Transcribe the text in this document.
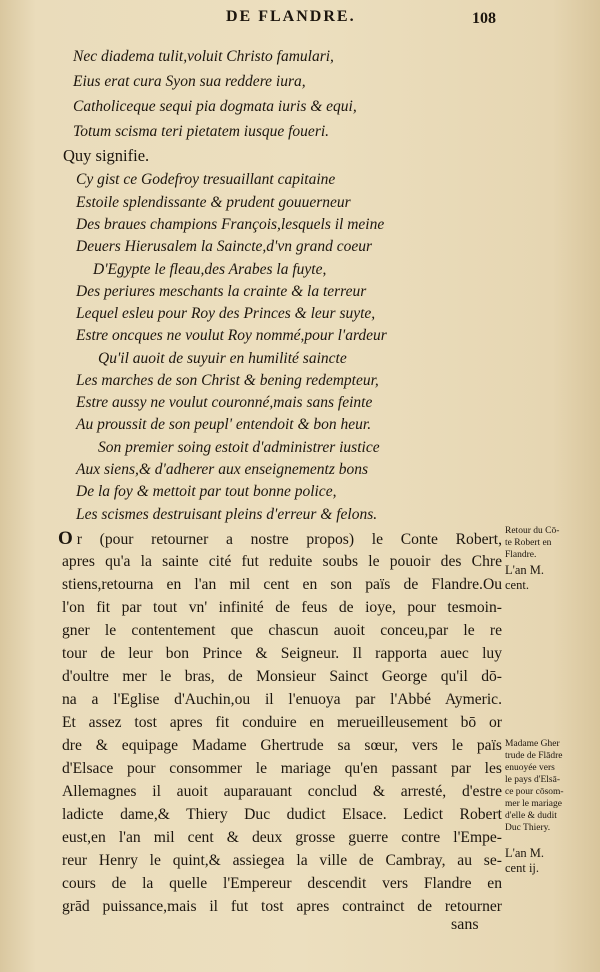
DE FLANDRE.	108
Nec diadema tulit,voluit Christo famulari,
Eius erat cura Syon sua reddere iura,
Catholiceque sequi pia dogmata iuris & equi,
Totum scisma teri pietatem iusque foueri.
Quy signifie.
Cy gist ce Godefroy tresuaillant capitaine
Estoile splendissante & prudent gouuerneur
Des braues champions François,lesquels il meine
Deuers Hierusalem la Saincte,d'vn grand coeur
D'Egypte le fleau,des Arabes la fuyte,
Des periures meschants la crainte & la terreur
Lequel esleu pour Roy des Princes & leur suyte,
Estre oncques ne voulut Roy nommé,pour l'ardeur
Qu'il auoit de suyuir en humilité saincte
Les marches de son Christ & bening redempteur,
Estre aussy ne voulut couronné,mais sans feinte
Au proussit de son peupl' entendoit & bon heur.
Son premier soing estoit d'administrer iustice
Aux siens,& d'adherer aux enseignementz bons
De la foy & mettoit par tout bonne police,
Les scismes destruisant pleins d'erreur & felons.
O r (pour retourner a nostre propos) le Conte Robert,
apres qu'a la sainte cité fut reduite soubs le pouoir des Chre
stiens,retourna en l'an mil cent en son païs de Flandre.Ou
l'on fit par tout vn' infinité de feus de ioye, pour tesmoin-
gner le contentement que chascun auoit conceu,par le re
tour de leur bon Prince & Seigneur. Il rapporta auec luy
d'oultre mer le bras, de Monsieur Sainct George qu'il dō-
na a l'Eglise d'Auchin,ou il l'enuoya par l'Abbé Aymeric.
Et assez tost apres fit conduire en merueilleusement bō or
dre & equipage Madame Ghertrude sa sœur, vers le païs
d'Elsace pour consommer le mariage qu'en passant par les
Allemagnes il auoit auparauant conclud & arresté, d'estre
ladicte dame,& Thiery Duc dudict Elsace. Ledict Robert
eust,en l'an mil cent & deux grosse guerre contre l'Empe-
reur Henry le quint,& assiegea la ville de Cambray, au se-
cours de la quelle l'Empereur descendit vers Flandre en
grād puissance,mais il fut tost apres contrainct de retourner
sans
Retour du Cō-
te Robert en
Flandre.
L'an M.
cent.
Madame Gher
trude de Flādre
enuoyée vers
le pays d'Elsā-
ce pour cōsom-
mer le mariage
d'elle & dudit
Duc Thiery.
L'an M.
cent ij.
